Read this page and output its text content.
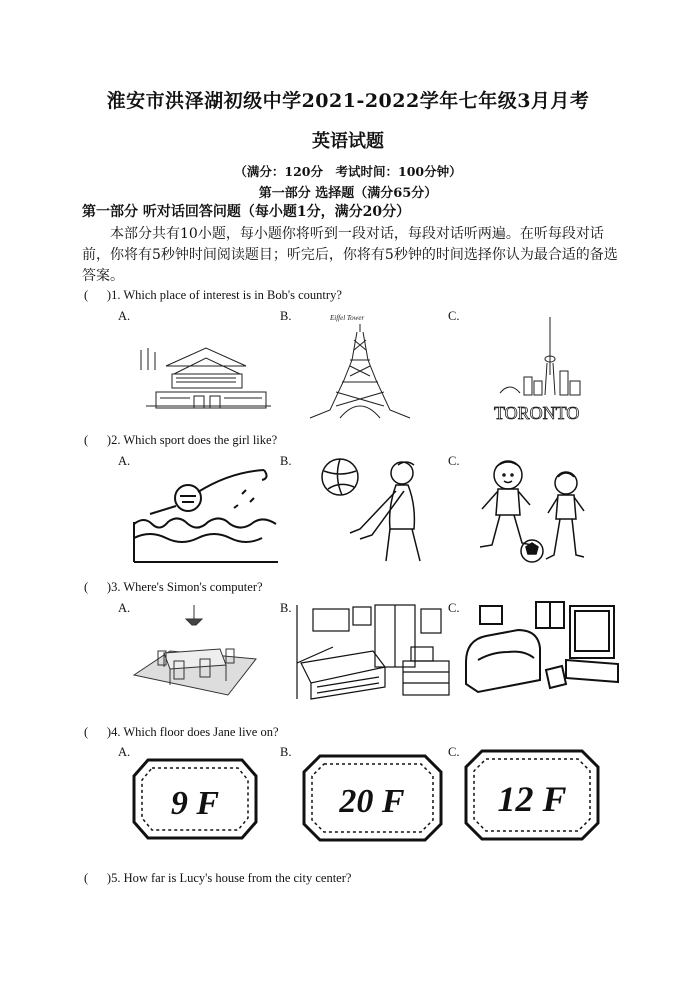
淮安市洪泽湖初级中学2021-2022学年七年级3月月考
英语试题
（满分：120分　考试时间：100分钟）
第一部分 选择题（满分65分）
第一部分 听对话回答问题（每小题1分，满分20分）
本部分共有10小题，每小题你将听到一段对话，每段对话听两遍。在听每段对话前，你将有5秒钟时间阅读题目；听完后，你将有5秒钟的时间选择你认为最合适的备选答案。
(      )1. Which place of interest is in Bob's country?
A.	B.	C.
Eiffel Tower
TORONTO
(      )2. Which sport does the girl like?
A.	B.	C.
(      )3. Where's Simon's computer?
A.	B.	C.
(      )4. Which floor does Jane live on?
A.	B.	C.
9 F	20 F	12 F
(      )5. How far is Lucy's house from the city center?
